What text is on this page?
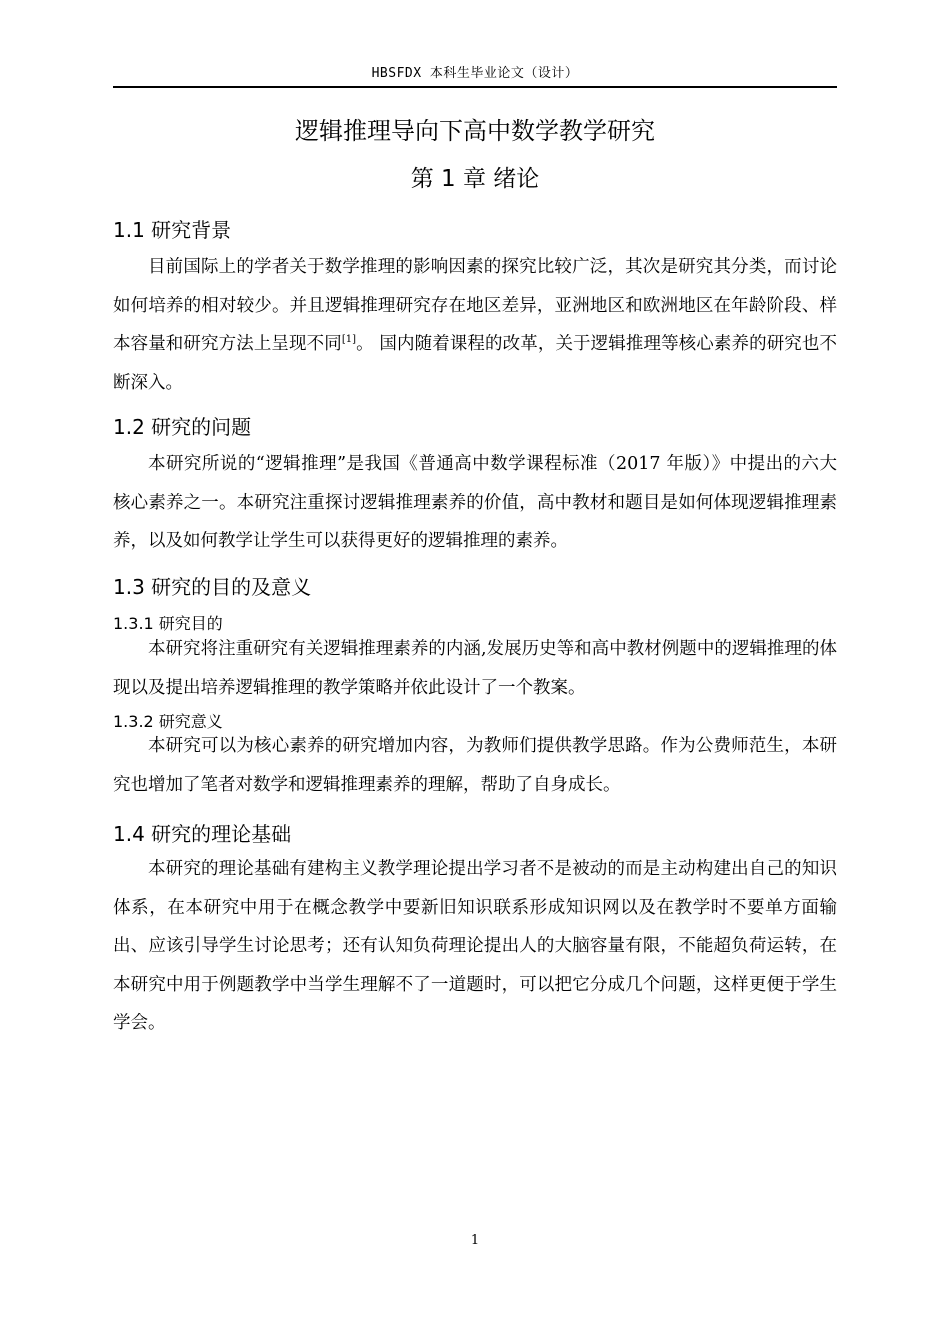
HBSFDX 本科生毕业论文（设计）
逻辑推理导向下高中数学教学研究
第 1 章 绪论
1.1 研究背景

目前国际上的学者关于数学推理的影响因素的探究比较广泛，其次是研究其分类，而讨论如何培养的相对较少。并且逻辑推理研究存在地区差异，亚洲地区和欧洲地区在年龄阶段、样本容量和研究方法上呈现不同[1]。 国内随着课程的改革，关于逻辑推理等核心素养的研究也不断深入。

1.2 研究的问题

本研究所说的“逻辑推理”是我国《普通高中数学课程标准（2017 年版）》中提出的六大核心素养之一。本研究注重探讨逻辑推理素养的价值，高中教材和题目是如何体现逻辑推理素养，以及如何教学让学生可以获得更好的逻辑推理的素养。

1.3 研究的目的及意义
1.3.1 研究目的

本研究将注重研究有关逻辑推理素养的内涵,发展历史等和高中教材例题中的逻辑推理的体现以及提出培养逻辑推理的教学策略并依此设计了一个教案。

1.3.2 研究意义

本研究可以为核心素养的研究增加内容，为教师们提供教学思路。作为公费师范生，本研究也增加了笔者对数学和逻辑推理素养的理解，帮助了自身成长。

1.4 研究的理论基础

本研究的理论基础有建构主义教学理论提出学习者不是被动的而是主动构建出自己的知识体系，在本研究中用于在概念教学中要新旧知识联系形成知识网以及在教学时不要单方面输出、应该引导学生讨论思考；还有认知负荷理论提出人的大脑容量有限，不能超负荷运转，在本研究中用于例题教学中当学生理解不了一道题时，可以把它分成几个问题，这样更便于学生学会。

1
